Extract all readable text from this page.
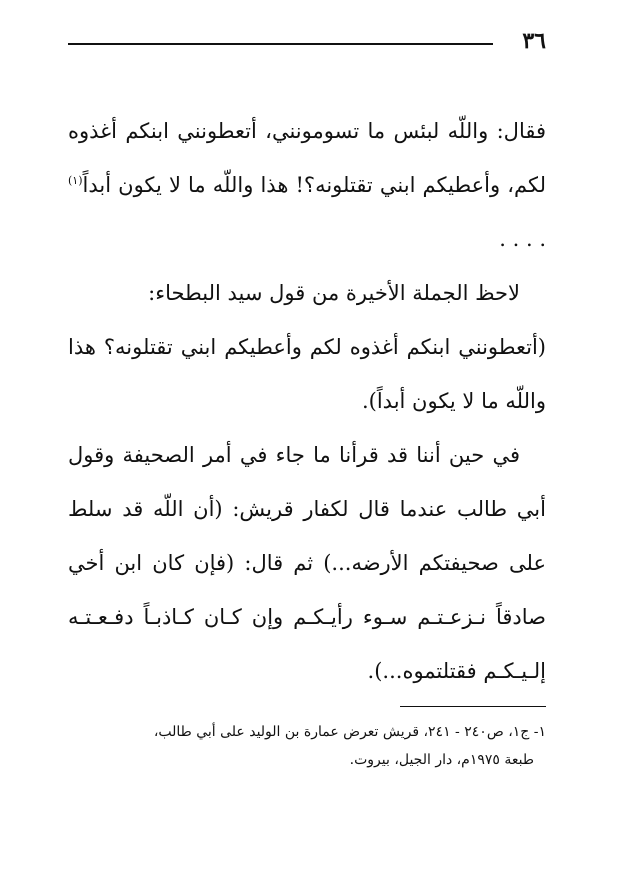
٣٦

فقال: واللّه لبئس ما تسومونني، أتعطونني ابنكم أغذوه لكم، وأعطيكم ابني تقتلونه؟! هذا واللّه ما لا يكون أبداً$^{(١)}$ . . . .

لاحظ الجملة الأخيرة من قول سيد البطحاء:

(أتعطونني ابنكم أغذوه لكم وأعطيكم ابني تقتلونه؟ هذا واللّه ما لا يكون أبداً).

في حين أننا قد قرأنا ما جاء في أمر الصحيفة وقول أبي طالب عندما قال لكفار قريش: (أن اللّه قد سلط على صحيفتكم الأرضه...) ثم قال: (فإن كان ابن أخي صادقاً نـزعـتـم سـوء رأيـكـم وإن كـان كـاذبـاً دفـعـتـه إلـيـكـم فقتلتموه...).

١- ج١، ص٢٤٠ - ٢٤١، قريش تعرض عمارة بن الوليد على أبي طالب،

طبعة ١٩٧٥م، دار الجيل، بيروت.
